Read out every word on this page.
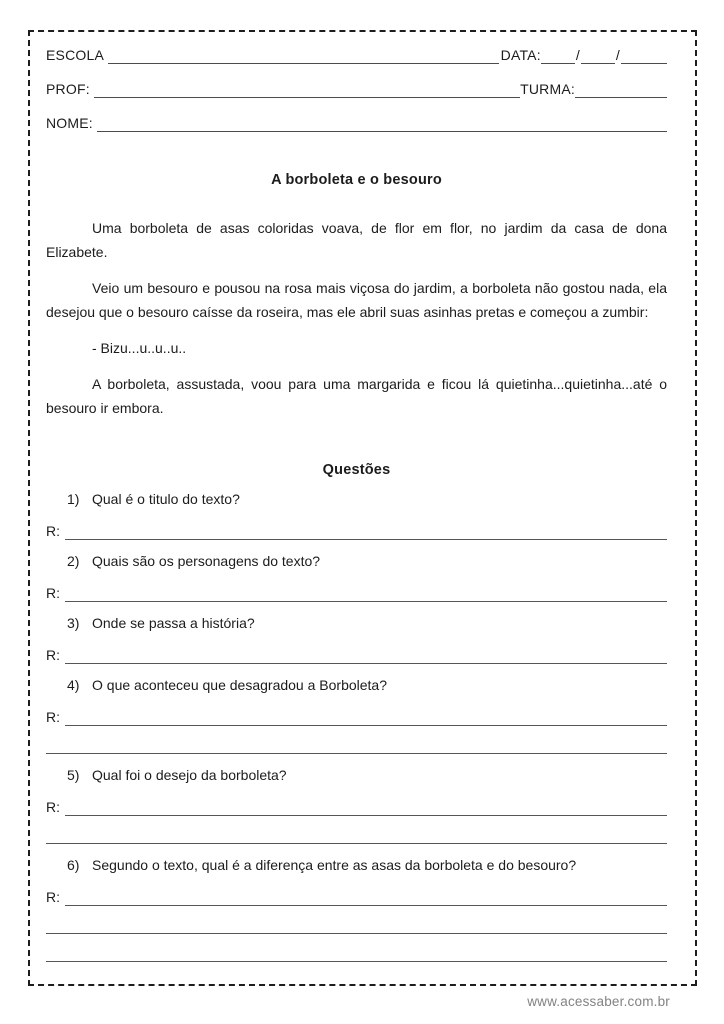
ESCOLA	DATA:	/	/
PROF:	TURMA:
NOME:
A borboleta e o besouro

Uma borboleta de asas coloridas voava, de flor em flor, no jardim da casa de dona Elizabete.

Veio um besouro e pousou na rosa mais viçosa do jardim, a borboleta não gostou nada, ela desejou que o besouro caísse da roseira, mas ele abril suas asinhas pretas e começou a zumbir:

- Bizu...u..u..u..

A borboleta, assustada, voou para uma margarida e ficou lá quietinha...quietinha...até o besouro ir embora.

Questões
1) Qual é o titulo do texto?
R:
2) Quais são os personagens do texto?
R:
3) Onde se passa a história?
R:
4) O que aconteceu que desagradou a Borboleta?
R:
5) Qual foi o desejo da borboleta?
R:
6) Segundo o texto, qual é a diferença entre as asas da borboleta e do besouro?
R:
www.acessaber.com.br
